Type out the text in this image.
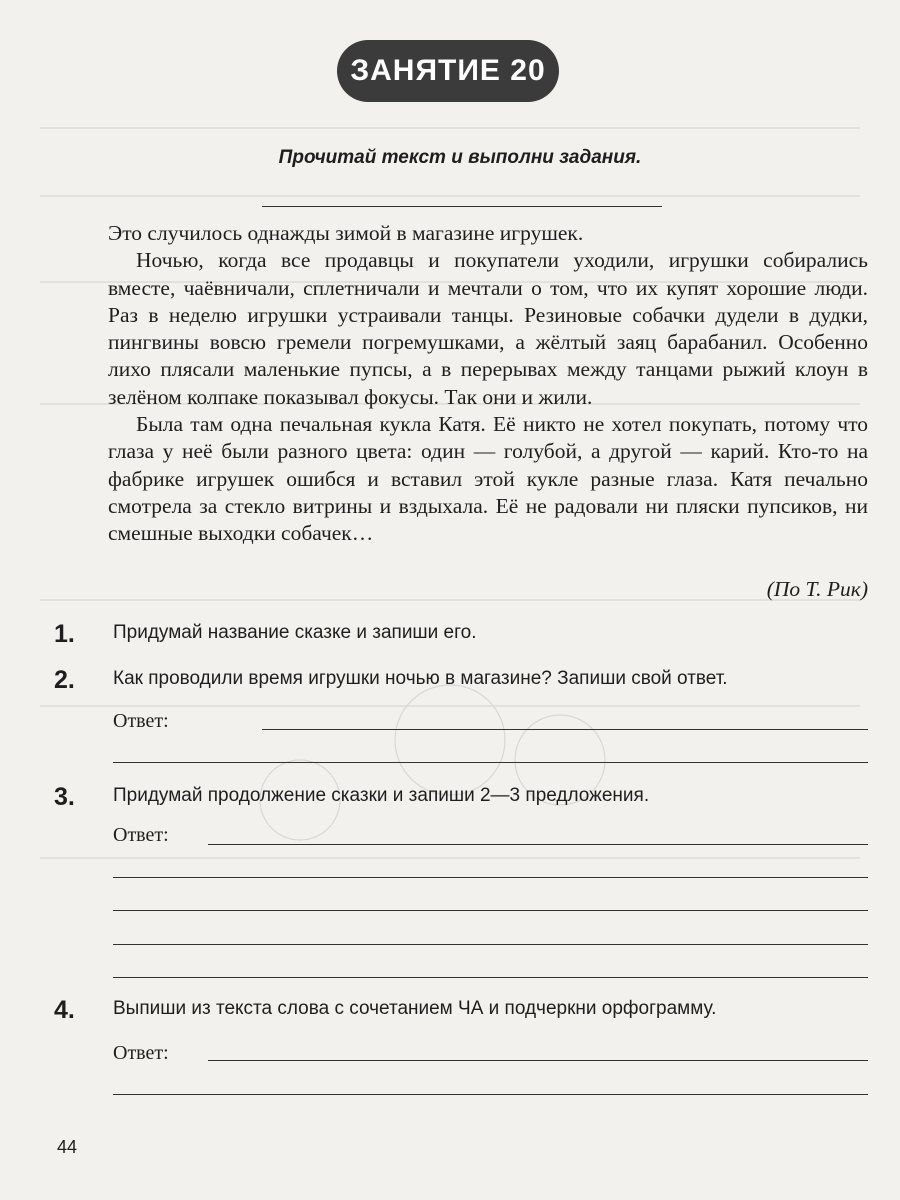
ЗАНЯТИЕ 20
Прочитай текст и выполни задания.

Это случилось однажды зимой в магазине игрушек.

Ночью, когда все продавцы и покупатели уходили, игрушки собирались вместе, чаёвничали, сплетничали и мечтали о том, что их купят хорошие люди. Раз в неделю игрушки устраивали танцы. Резиновые собачки дудели в дудки, пингвины вовсю гремели погремушками, а жёлтый заяц барабанил. Особенно лихо плясали маленькие пупсы, а в перерывах между танцами рыжий клоун в зелёном колпаке показывал фокусы. Так они и жили.

Была там одна печальная кукла Катя. Её никто не хотел покупать, потому что глаза у неё были разного цвета: один — голубой, а другой — карий. Кто-то на фабрике игрушек ошибся и вставил этой кукле разные глаза. Катя печально смотрела за стекло витрины и вздыхала. Её не радовали ни пляски пупсиков, ни смешные выходки собачек…

(По Т. Рик)
1. Придумай название сказке и запиши его.
2. Как проводили время игрушки ночью в магазине? Запиши свой ответ.
Ответ:
3. Придумай продолжение сказки и запиши 2—3 предложения.
Ответ:
4. Выпиши из текста слова с сочетанием ЧА и подчеркни орфограмму.
Ответ:
44
